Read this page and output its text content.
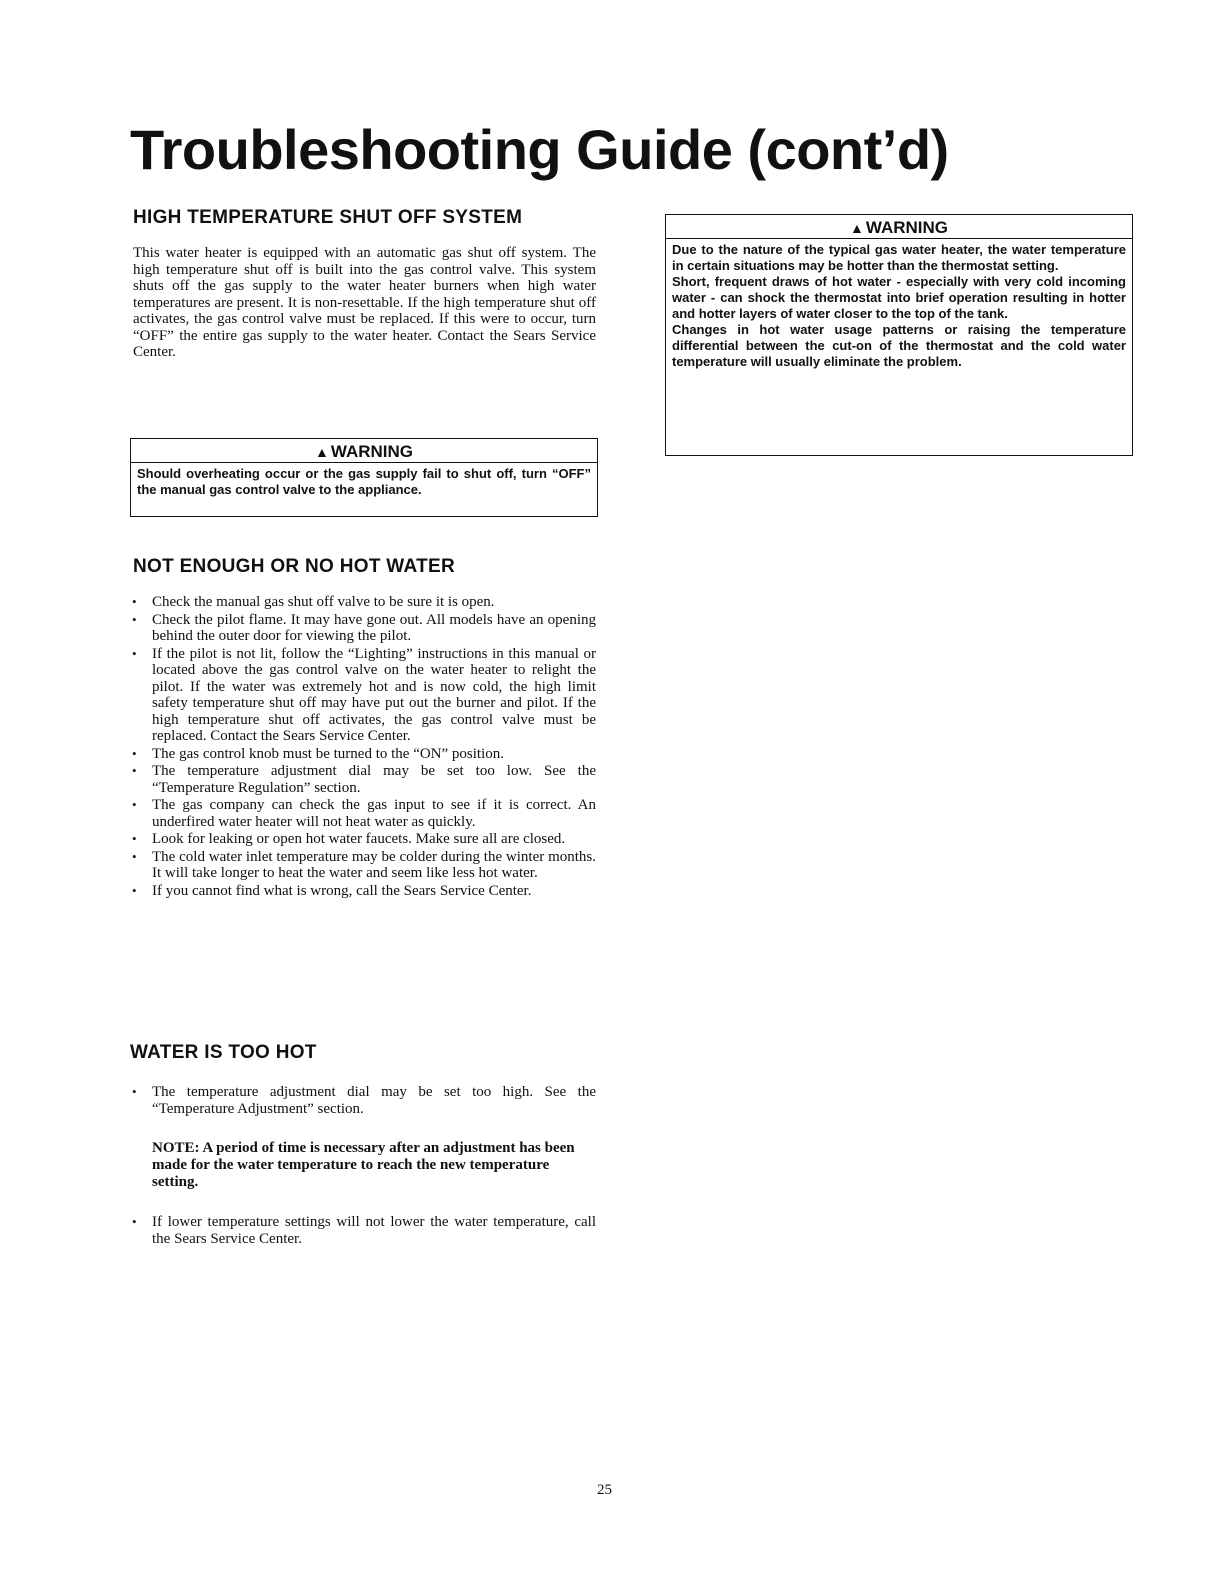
Troubleshooting Guide (cont’d)
HIGH TEMPERATURE SHUT OFF SYSTEM

This water heater is equipped with an automatic gas shut off system. The high temperature shut off is built into the gas control valve. This system shuts off the gas supply to the water heater burners when high water temperatures are present. It is non-resettable. If the high temperature shut off activates, the gas control valve must be replaced. If this were to occur, turn “OFF” the entire gas supply to the water heater. Contact the Sears Service Center.

▲ WARNING
Should overheating occur or the gas supply fail to shut off, turn “OFF” the manual gas control valve to the appliance.
NOT ENOUGH OR NO HOT WATER
• Check the manual gas shut off valve to be sure it is open.
• Check the pilot flame. It may have gone out. All models have an opening behind the outer door for viewing the pilot.
• If the pilot is not lit, follow the “Lighting” instructions in this manual or located above the gas control valve on the water heater to relight the pilot. If the water was extremely hot and is now cold, the high limit safety temperature shut off may have put out the burner and pilot. If the high temperature shut off activates, the gas control valve must be replaced. Contact the Sears Service Center.
• The gas control knob must be turned to the “ON” position.
• The temperature adjustment dial may be set too low. See the “Temperature Regulation” section.
• The gas company can check the gas input to see if it is correct. An underfired water heater will not heat water as quickly.
• Look for leaking or open hot water faucets. Make sure all are closed.
• The cold water inlet temperature may be colder during the winter months. It will take longer to heat the water and seem like less hot water.
• If you cannot find what is wrong, call the Sears Service Center.
WATER IS TOO HOT
• The temperature adjustment dial may be set too high. See the “Temperature Adjustment” section.

NOTE: A period of time is necessary after an adjustment has been made for the water temperature to reach the new temperature setting.

• If lower temperature settings will not lower the water temperature, call the Sears Service Center.
▲ WARNING

Due to the nature of the typical gas water heater, the water temperature in certain situations may be hotter than the thermostat setting.

Short, frequent draws of hot water - especially with very cold incoming water - can shock the thermostat into brief operation resulting in hotter and hotter layers of water closer to the top of the tank.

Changes in hot water usage patterns or raising the temperature differential between the cut-on of the thermostat and the cold water temperature will usually eliminate the problem.

25
